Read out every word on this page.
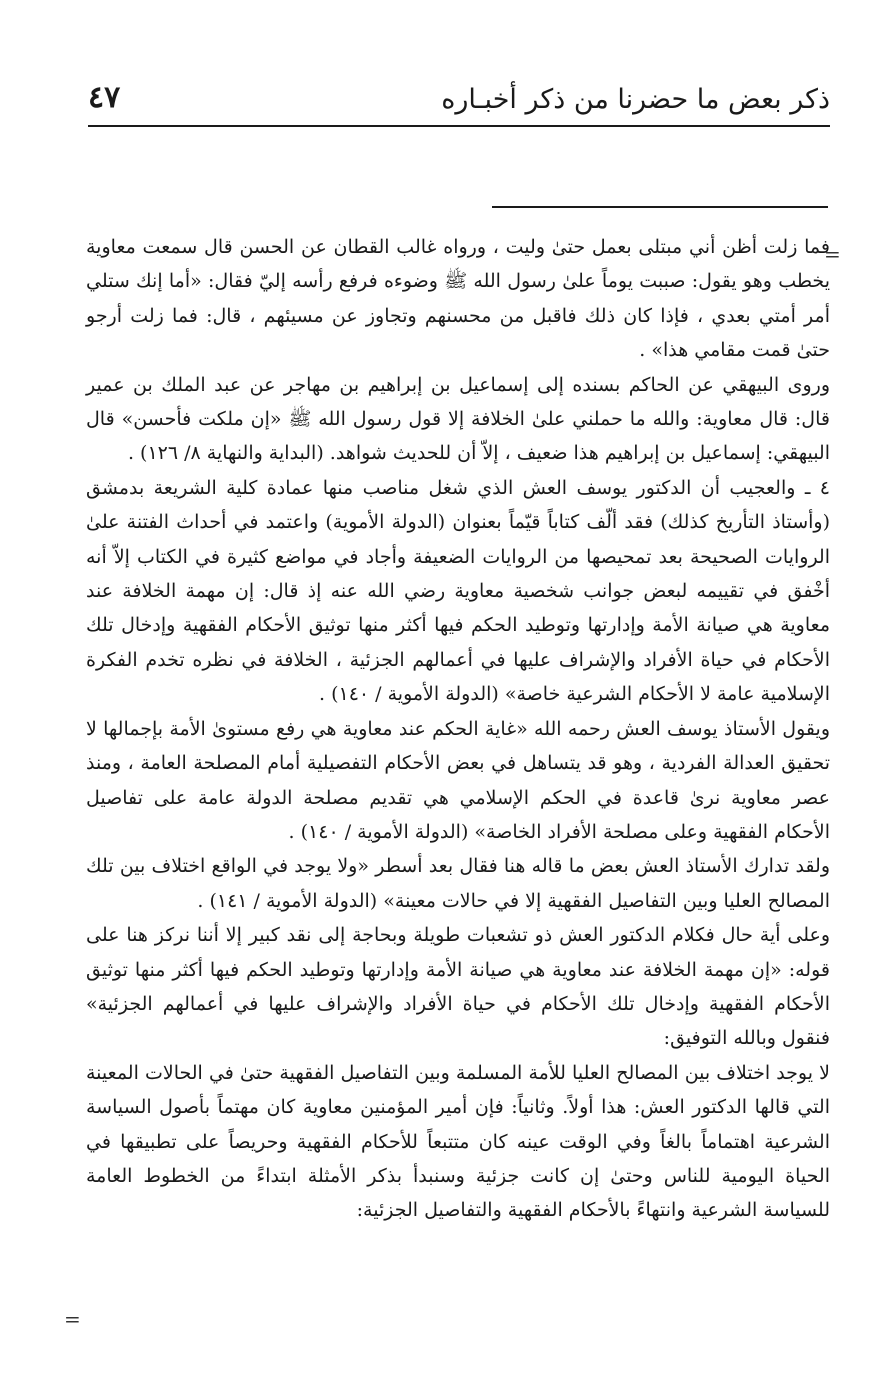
ذكر بعض ما حضرنا من ذكر أخبـاره
٤٧
=
=

فما زلت أظن أني مبتلى بعمل حتىٰ وليت ، ورواه غالب القطان عن الحسن قال سمعت معاوية يخطب وهو يقول: صببت يوماً علىٰ رسول الله ﷺ وضوءه فرفع رأسه إليّ فقال: «أما إنك ستلي أمر أمتي بعدي ، فإذا كان ذلك فاقبل من محسنهم وتجاوز عن مسيئهم ، قال: فما زلت أرجو حتىٰ قمت مقامي هذا» .

وروى البيهقي عن الحاكم بسنده إلى إسماعيل بن إبراهيم بن مهاجر عن عبد الملك بن عمير قال: قال معاوية: والله ما حملني علىٰ الخلافة إلا قول رسول الله ﷺ «إن ملكت فأحسن» قال البيهقي: إسماعيل بن إبراهيم هذا ضعيف ، إلاّ أن للحديث شواهد. (البداية والنهاية ٨/ ١٢٦) .

٤ ـ والعجيب أن الدكتور يوسف العش الذي شغل مناصب منها عمادة كلية الشريعة بدمشق (وأستاذ التأريخ كذلك) فقد ألّف كتاباً قيّماً بعنوان (الدولة الأموية) واعتمد في أحداث الفتنة علىٰ الروايات الصحيحة بعد تمحيصها من الروايات الضعيفة وأجاد في مواضع كثيرة في الكتاب إلاّ أنه أخْفق في تقييمه لبعض جوانب شخصية معاوية رضي الله عنه إذ قال: إن مهمة الخلافة عند معاوية هي صيانة الأمة وإدارتها وتوطيد الحكم فيها أكثر منها توثيق الأحكام الفقهية وإدخال تلك الأحكام في حياة الأفراد والإشراف عليها في أعمالهم الجزئية ، الخلافة في نظره تخدم الفكرة الإسلامية عامة لا الأحكام الشرعية خاصة» (الدولة الأموية / ١٤٠) .

ويقول الأستاذ يوسف العش رحمه الله «غاية الحكم عند معاوية هي رفع مستوىٰ الأمة بإجمالها لا تحقيق العدالة الفردية ، وهو قد يتساهل في بعض الأحكام التفصيلية أمام المصلحة العامة ، ومنذ عصر معاوية نرىٰ قاعدة في الحكم الإسلامي هي تقديم مصلحة الدولة عامة على تفاصيل الأحكام الفقهية وعلى مصلحة الأفراد الخاصة» (الدولة الأموية / ١٤٠) .

ولقد تدارك الأستاذ العش بعض ما قاله هنا فقال بعد أسطر «ولا يوجد في الواقع اختلاف بين تلك المصالح العليا وبين التفاصيل الفقهية إلا في حالات معينة» (الدولة الأموية / ١٤١) .

وعلى أية حال فكلام الدكتور العش ذو تشعبات طويلة وبحاجة إلى نقد كبير إلا أننا نركز هنا على قوله: «إن مهمة الخلافة عند معاوية هي صيانة الأمة وإدارتها وتوطيد الحكم فيها أكثر منها توثيق الأحكام الفقهية وإدخال تلك الأحكام في حياة الأفراد والإشراف عليها في أعمالهم الجزئية» فنقول وبالله التوفيق:

لا يوجد اختلاف بين المصالح العليا للأمة المسلمة وبين التفاصيل الفقهية حتىٰ في الحالات المعينة التي قالها الدكتور العش: هذا أولاً. وثانياً: فإن أمير المؤمنين معاوية كان مهتماً بأصول السياسة الشرعية اهتماماً بالغاً وفي الوقت عينه كان متتبعاً للأحكام الفقهية وحريصاً على تطبيقها في الحياة اليومية للناس وحتىٰ إن كانت جزئية وسنبدأ بذكر الأمثلة ابتداءً من الخطوط العامة للسياسة الشرعية وانتهاءً بالأحكام الفقهية والتفاصيل الجزئية:
